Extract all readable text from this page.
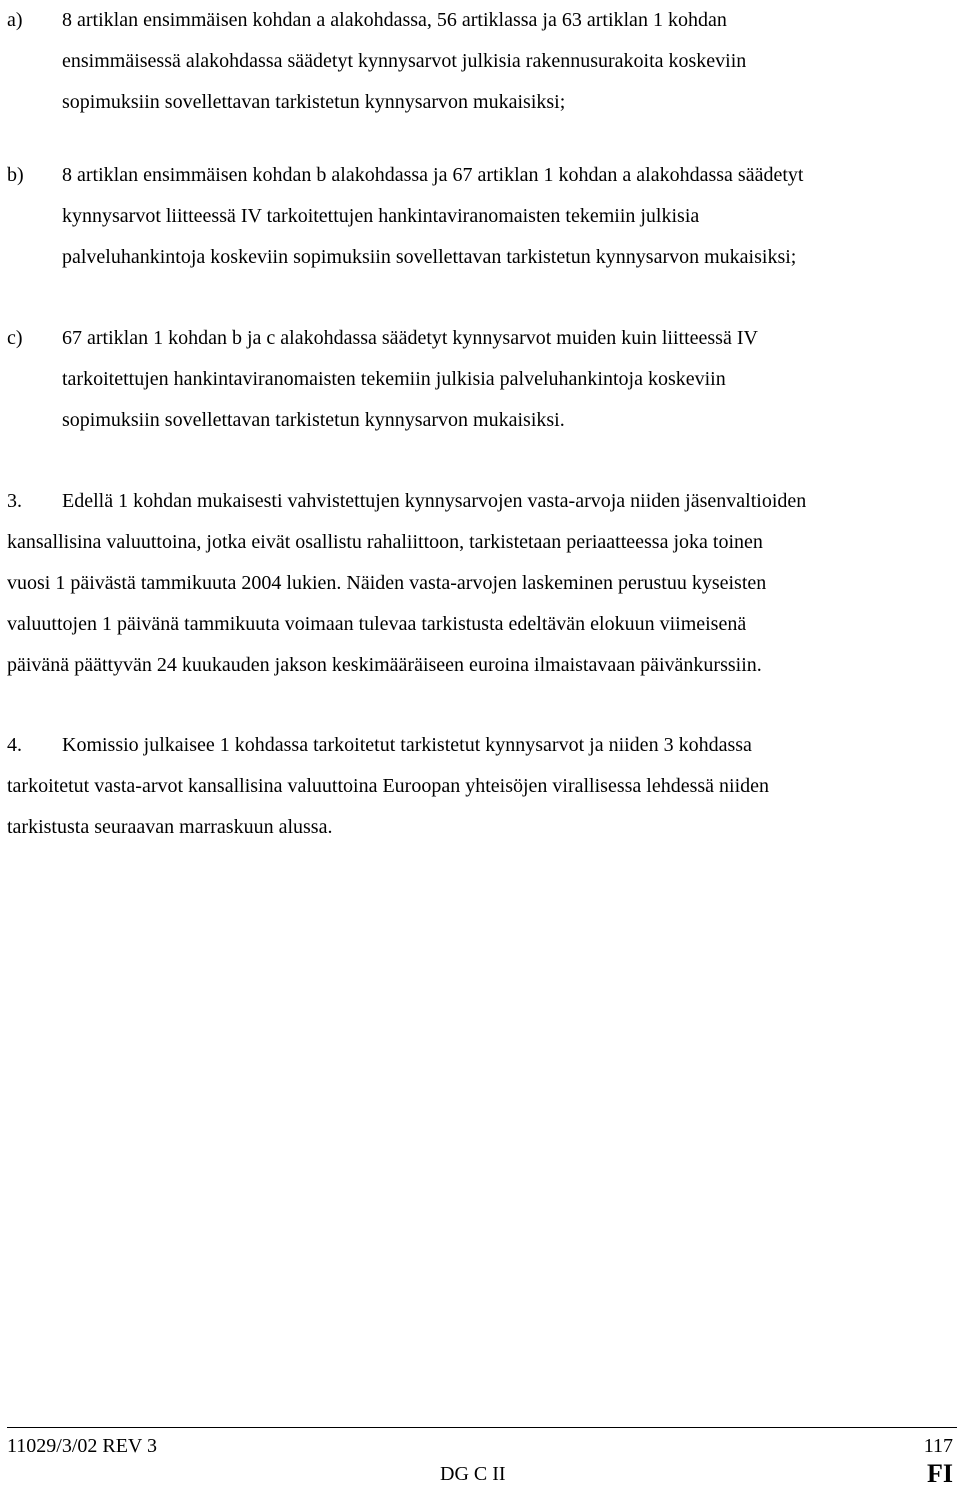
a) 8 artiklan ensimmäisen kohdan a alakohdassa, 56 artiklassa ja 63 artiklan 1 kohdan
ensimmäisessä alakohdassa säädetyt kynnysarvot julkisia rakennusurakoita koskeviin
sopimuksiin sovellettavan tarkistetun kynnysarvon mukaisiksi;
b) 8 artiklan ensimmäisen kohdan b alakohdassa ja 67 artiklan 1 kohdan a alakohdassa säädetyt
kynnysarvot liitteessä IV tarkoitettujen hankintaviranomaisten tekemiin julkisia
palveluhankintoja koskeviin sopimuksiin sovellettavan tarkistetun kynnysarvon mukaisiksi;
c) 67 artiklan 1 kohdan b ja c alakohdassa säädetyt kynnysarvot muiden kuin liitteessä IV
tarkoitettujen hankintaviranomaisten tekemiin julkisia palveluhankintoja koskeviin
sopimuksiin sovellettavan tarkistetun kynnysarvon mukaisiksi.
3. Edellä 1 kohdan mukaisesti vahvistettujen kynnysarvojen vasta-arvoja niiden jäsenvaltioiden
kansallisina valuuttoina, jotka eivät osallistu rahaliittoon, tarkistetaan periaatteessa joka toinen
vuosi 1 päivästä tammikuuta 2004 lukien. Näiden vasta-arvojen laskeminen perustuu kyseisten
valuuttojen 1 päivänä tammikuuta voimaan tulevaa tarkistusta edeltävän elokuun viimeisenä
päivänä päättyvän 24 kuukauden jakson keskimääräiseen euroina ilmaistavaan päivänkurssiin.
4. Komissio julkaisee 1 kohdassa tarkoitetut tarkistetut kynnysarvot ja niiden 3 kohdassa
tarkoitetut vasta-arvot kansallisina valuuttoina Euroopan yhteisöjen virallisessa lehdessä niiden
tarkistusta seuraavan marraskuun alussa.
11029/3/02 REV 3
DG C II
117
FI
